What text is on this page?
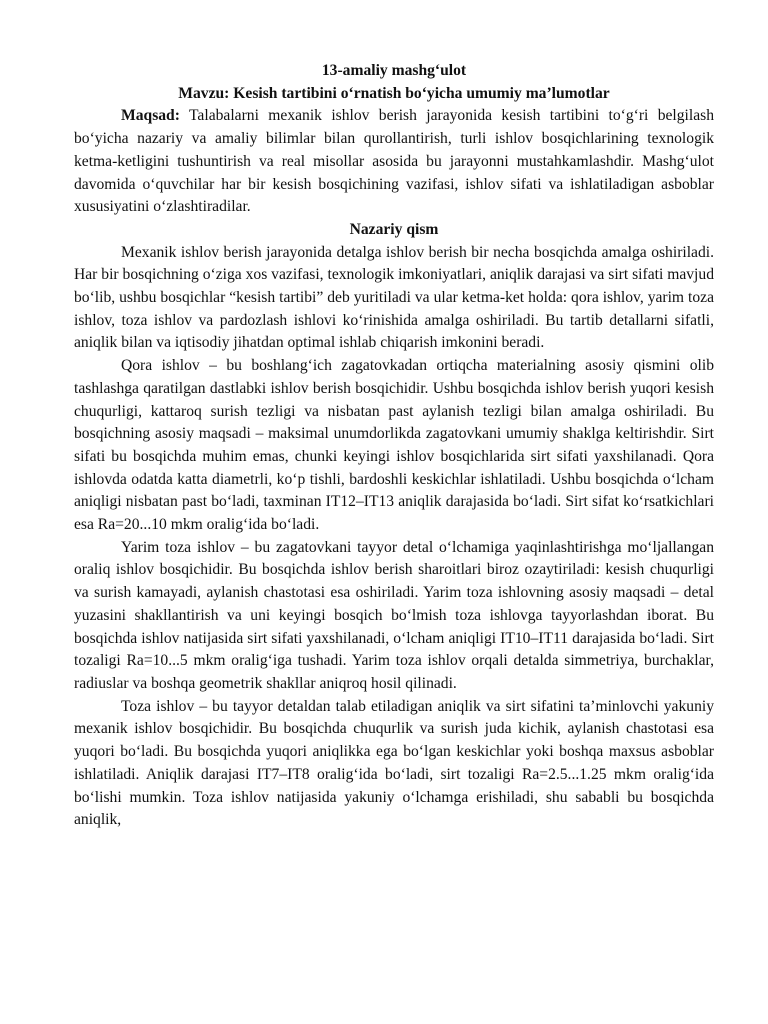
13-amaliy mashg‘ulot
Mavzu: Kesish tartibini o‘rnatish bo‘yicha umumiy ma’lumotlar

Maqsad: Talabalarni mexanik ishlov berish jarayonida kesish tartibini to‘g‘ri belgilash bo‘yicha nazariy va amaliy bilimlar bilan qurollantirish, turli ishlov bosqichlarining texnologik ketma-ketligini tushuntirish va real misollar asosida bu jarayonni mustahkamlashdir. Mashg‘ulot davomida o‘quvchilar har bir kesish bosqichining vazifasi, ishlov sifati va ishlatiladigan asboblar xususiyatini o‘zlashtiradilar.

Nazariy qism

Mexanik ishlov berish jarayonida detalga ishlov berish bir necha bosqichda amalga oshiriladi. Har bir bosqichning o‘ziga xos vazifasi, texnologik imkoniyatlari, aniqlik darajasi va sirt sifati mavjud bo‘lib, ushbu bosqichlar “kesish tartibi” deb yuritiladi va ular ketma-ket holda: qora ishlov, yarim toza ishlov, toza ishlov va pardozlash ishlovi ko‘rinishida amalga oshiriladi. Bu tartib detallarni sifatli, aniqlik bilan va iqtisodiy jihatdan optimal ishlab chiqarish imkonini beradi.

Qora ishlov – bu boshlang‘ich zagatovkadan ortiqcha materialning asosiy qismini olib tashlashga qaratilgan dastlabki ishlov berish bosqichidir. Ushbu bosqichda ishlov berish yuqori kesish chuqurligi, kattaroq surish tezligi va nisbatan past aylanish tezligi bilan amalga oshiriladi. Bu bosqichning asosiy maqsadi – maksimal unumdorlikda zagatovkani umumiy shaklga keltirishdir. Sirt sifati bu bosqichda muhim emas, chunki keyingi ishlov bosqichlarida sirt sifati yaxshilanadi. Qora ishlovda odatda katta diametrli, ko‘p tishli, bardoshli keskichlar ishlatiladi. Ushbu bosqichda o‘lcham aniqligi nisbatan past bo‘ladi, taxminan IT12–IT13 aniqlik darajasida bo‘ladi. Sirt sifat ko‘rsatkichlari esa Ra=20...10 mkm oralig‘ida bo‘ladi.

Yarim toza ishlov – bu zagatovkani tayyor detal o‘lchamiga yaqinlashtirishga mo‘ljallangan oraliq ishlov bosqichidir. Bu bosqichda ishlov berish sharoitlari biroz ozaytiriladi: kesish chuqurligi va surish kamayadi, aylanish chastotasi esa oshiriladi. Yarim toza ishlovning asosiy maqsadi – detal yuzasini shakllantirish va uni keyingi bosqich bo‘lmish toza ishlovga tayyorlashdan iborat. Bu bosqichda ishlov natijasida sirt sifati yaxshilanadi, o‘lcham aniqligi IT10–IT11 darajasida bo‘ladi. Sirt tozaligi Ra=10...5 mkm oralig‘iga tushadi. Yarim toza ishlov orqali detalda simmetriya, burchaklar, radiuslar va boshqa geometrik shakllar aniqroq hosil qilinadi.

Toza ishlov – bu tayyor detaldan talab etiladigan aniqlik va sirt sifatini ta’minlovchi yakuniy mexanik ishlov bosqichidir. Bu bosqichda chuqurlik va surish juda kichik, aylanish chastotasi esa yuqori bo‘ladi. Bu bosqichda yuqori aniqlikka ega bo‘lgan keskichlar yoki boshqa maxsus asboblar ishlatiladi. Aniqlik darajasi IT7–IT8 oralig‘ida bo‘ladi, sirt tozaligi Ra=2.5...1.25 mkm oralig‘ida bo‘lishi mumkin. Toza ishlov natijasida yakuniy o‘lchamga erishiladi, shu sababli bu bosqichda aniqlik,
